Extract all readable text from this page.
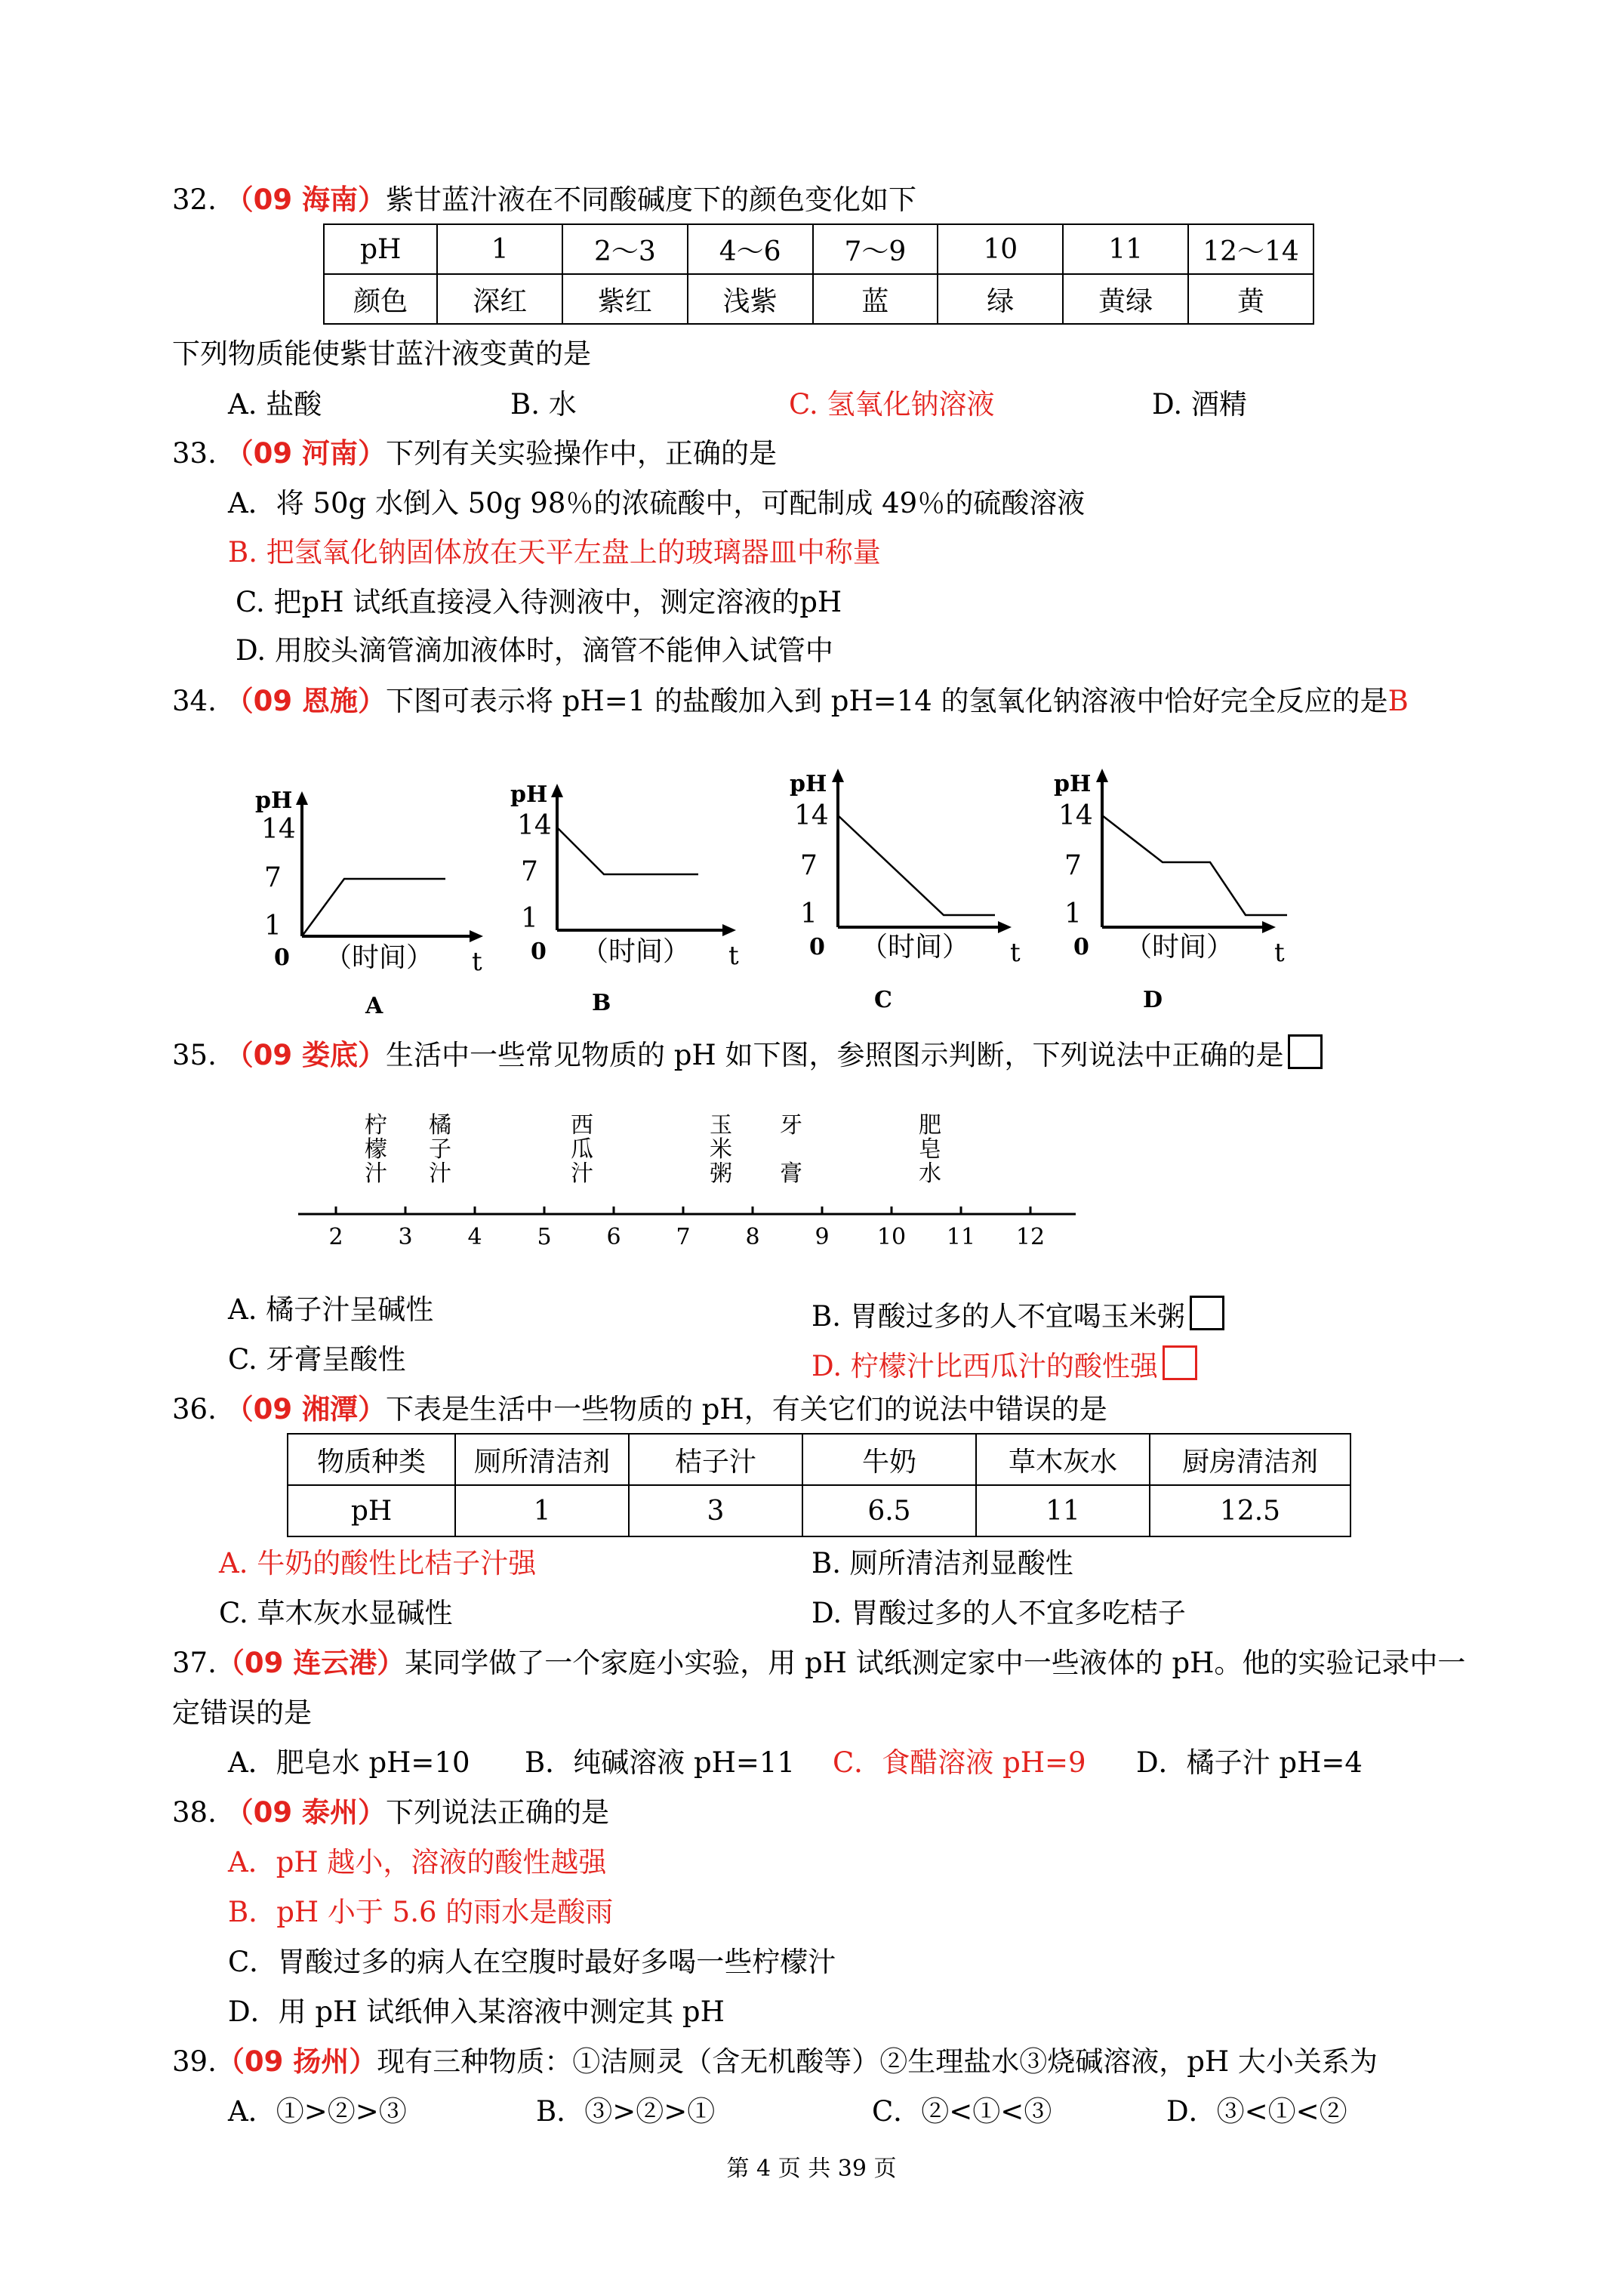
32. （09 海南）紫甘蓝汁液在不同酸碱度下的颜色变化如下
pH	1	2～3	4～6	7～9	10	11	12～14
颜色	深红	紫红	浅紫	蓝	绿	黄绿	黄
下列物质能使紫甘蓝汁液变黄的是
A. 盐酸	B. 水	C. 氢氧化钠溶液	D. 酒精
33. （09 河南）下列有关实验操作中，正确的是
A．将 50g 水倒入 50g 98％的浓硫酸中，可配制成 49％的硫酸溶液
B. 把氢氧化钠固体放在天平左盘上的玻璃器皿中称量
C. 把pH 试纸直接浸入待测液中，测定溶液的pH
D. 用胶头滴管滴加液体时，滴管不能伸入试管中
34. （09 恩施）下图可表示将 pH=1 的盐酸加入到 pH=14 的氢氧化钠溶液中恰好完全反应的是B
pH
14
7
1
0 （时间） t
A
pH
14
7
1
0 （时间） t
B
pH
14
7
1
0 （时间） t
C
pH
14
7
1
0 （时间） t
D
35. （09 娄底）生活中一些常见物质的 pH 如下图，参照图示判断，下列说法中正确的是
柠檬汁
橘子汁
西瓜汁
玉米粥
牙膏
肥皂水
2 3 4 5 6 7 8 9 10 11 12
A. 橘子汁呈碱性	B. 胃酸过多的人不宜喝玉米粥
C. 牙膏呈酸性	D. 柠檬汁比西瓜汁的酸性强
36. （09 湘潭）下表是生活中一些物质的 pH，有关它们的说法中错误的是
物质种类	厕所清洁剂	桔子汁	牛奶	草木灰水	厨房清洁剂
pH	1	3	6.5	11	12.5
A. 牛奶的酸性比桔子汁强	B. 厕所清洁剂显酸性
C. 草木灰水显碱性	D. 胃酸过多的人不宜多吃桔子
37.（09 连云港）某同学做了一个家庭小实验，用 pH 试纸测定家中一些液体的 pH。他的实验记录中一
定错误的是
A．肥皂水 pH=10 B．纯碱溶液 pH=11 C．食醋溶液 pH=9 D．橘子汁 pH=4
38. （09 泰州）下列说法正确的是
A．pH 越小，溶液的酸性越强
B．pH 小于 5.6 的雨水是酸雨
C．胃酸过多的病人在空腹时最好多喝一些柠檬汁
D．用 pH 试纸伸入某溶液中测定其 pH
39.（09 扬州）现有三种物质：①洁厕灵（含无机酸等）②生理盐水③烧碱溶液，pH 大小关系为
A．①>②>③	B．③>②>①	C．②<①<③	D．③<①<②
第 4 页 共 39 页
